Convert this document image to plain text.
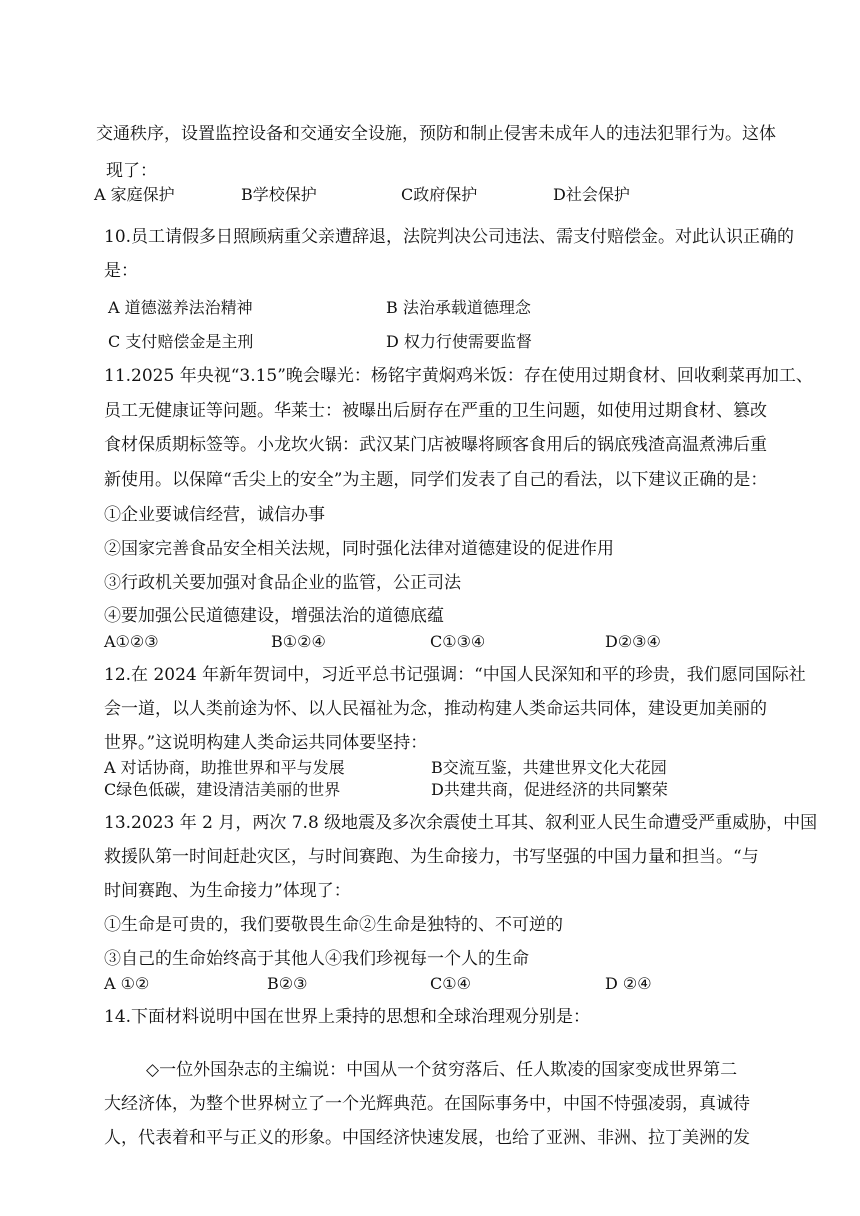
交通秩序，设置监控设备和交通安全设施，预防和制止侵害未成年人的违法犯罪行为。这体
现了：
A 家庭保护	B学校保护	C政府保护	D社会保护
10.员工请假多日照顾病重父亲遭辞退，法院判决公司违法、需支付赔偿金。对此认识正确的
是：
A 道德滋养法治精神	B 法治承载道德理念
C 支付赔偿金是主刑	D 权力行使需要监督
11.2025 年央视“3.15”晚会曝光：杨铭宇黄焖鸡米饭：存在使用过期食材、回收剩菜再加工、
员工无健康证等问题。华莱士：被曝出后厨存在严重的卫生问题，如使用过期食材、篡改
食材保质期标签等。小龙坎火锅：武汉某门店被曝将顾客食用后的锅底残渣高温煮沸后重
新使用。以保障“舌尖上的安全”为主题，同学们发表了自己的看法，以下建议正确的是：
①企业要诚信经营，诚信办事
②国家完善食品安全相关法规，同时强化法律对道德建设的促进作用
③行政机关要加强对食品企业的监管，公正司法
④要加强公民道德建设，增强法治的道德底蕴
A①②③	B①②④	C①③④	D②③④
12.在 2024 年新年贺词中，习近平总书记强调：“中国人民深知和平的珍贵，我们愿同国际社
会一道，以人类前途为怀、以人民福祉为念，推动构建人类命运共同体，建设更加美丽的
世界。”这说明构建人类命运共同体要坚持：
A 对话协商，助推世界和平与发展	B交流互鉴，共建世界文化大花园
C绿色低碳，建设清洁美丽的世界	D共建共商，促进经济的共同繁荣
13.2023 年 2 月，两次 7.8 级地震及多次余震使土耳其、叙利亚人民生命遭受严重威胁，中国
救援队第一时间赶赴灾区，与时间赛跑、为生命接力，书写坚强的中国力量和担当。“与
时间赛跑、为生命接力”体现了：
①生命是可贵的，我们要敬畏生命②生命是独特的、不可逆的
③自己的生命始终高于其他人④我们珍视每一个人的生命
A ①②	B②③	C①④	D ②④
14.下面材料说明中国在世界上秉持的思想和全球治理观分别是：
◇一位外国杂志的主编说：中国从一个贫穷落后、任人欺凌的国家变成世界第二
大经济体，为整个世界树立了一个光辉典范。在国际事务中，中国不恃强凌弱，真诚待
人，代表着和平与正义的形象。中国经济快速发展，也给了亚洲、非洲、拉丁美洲的发
